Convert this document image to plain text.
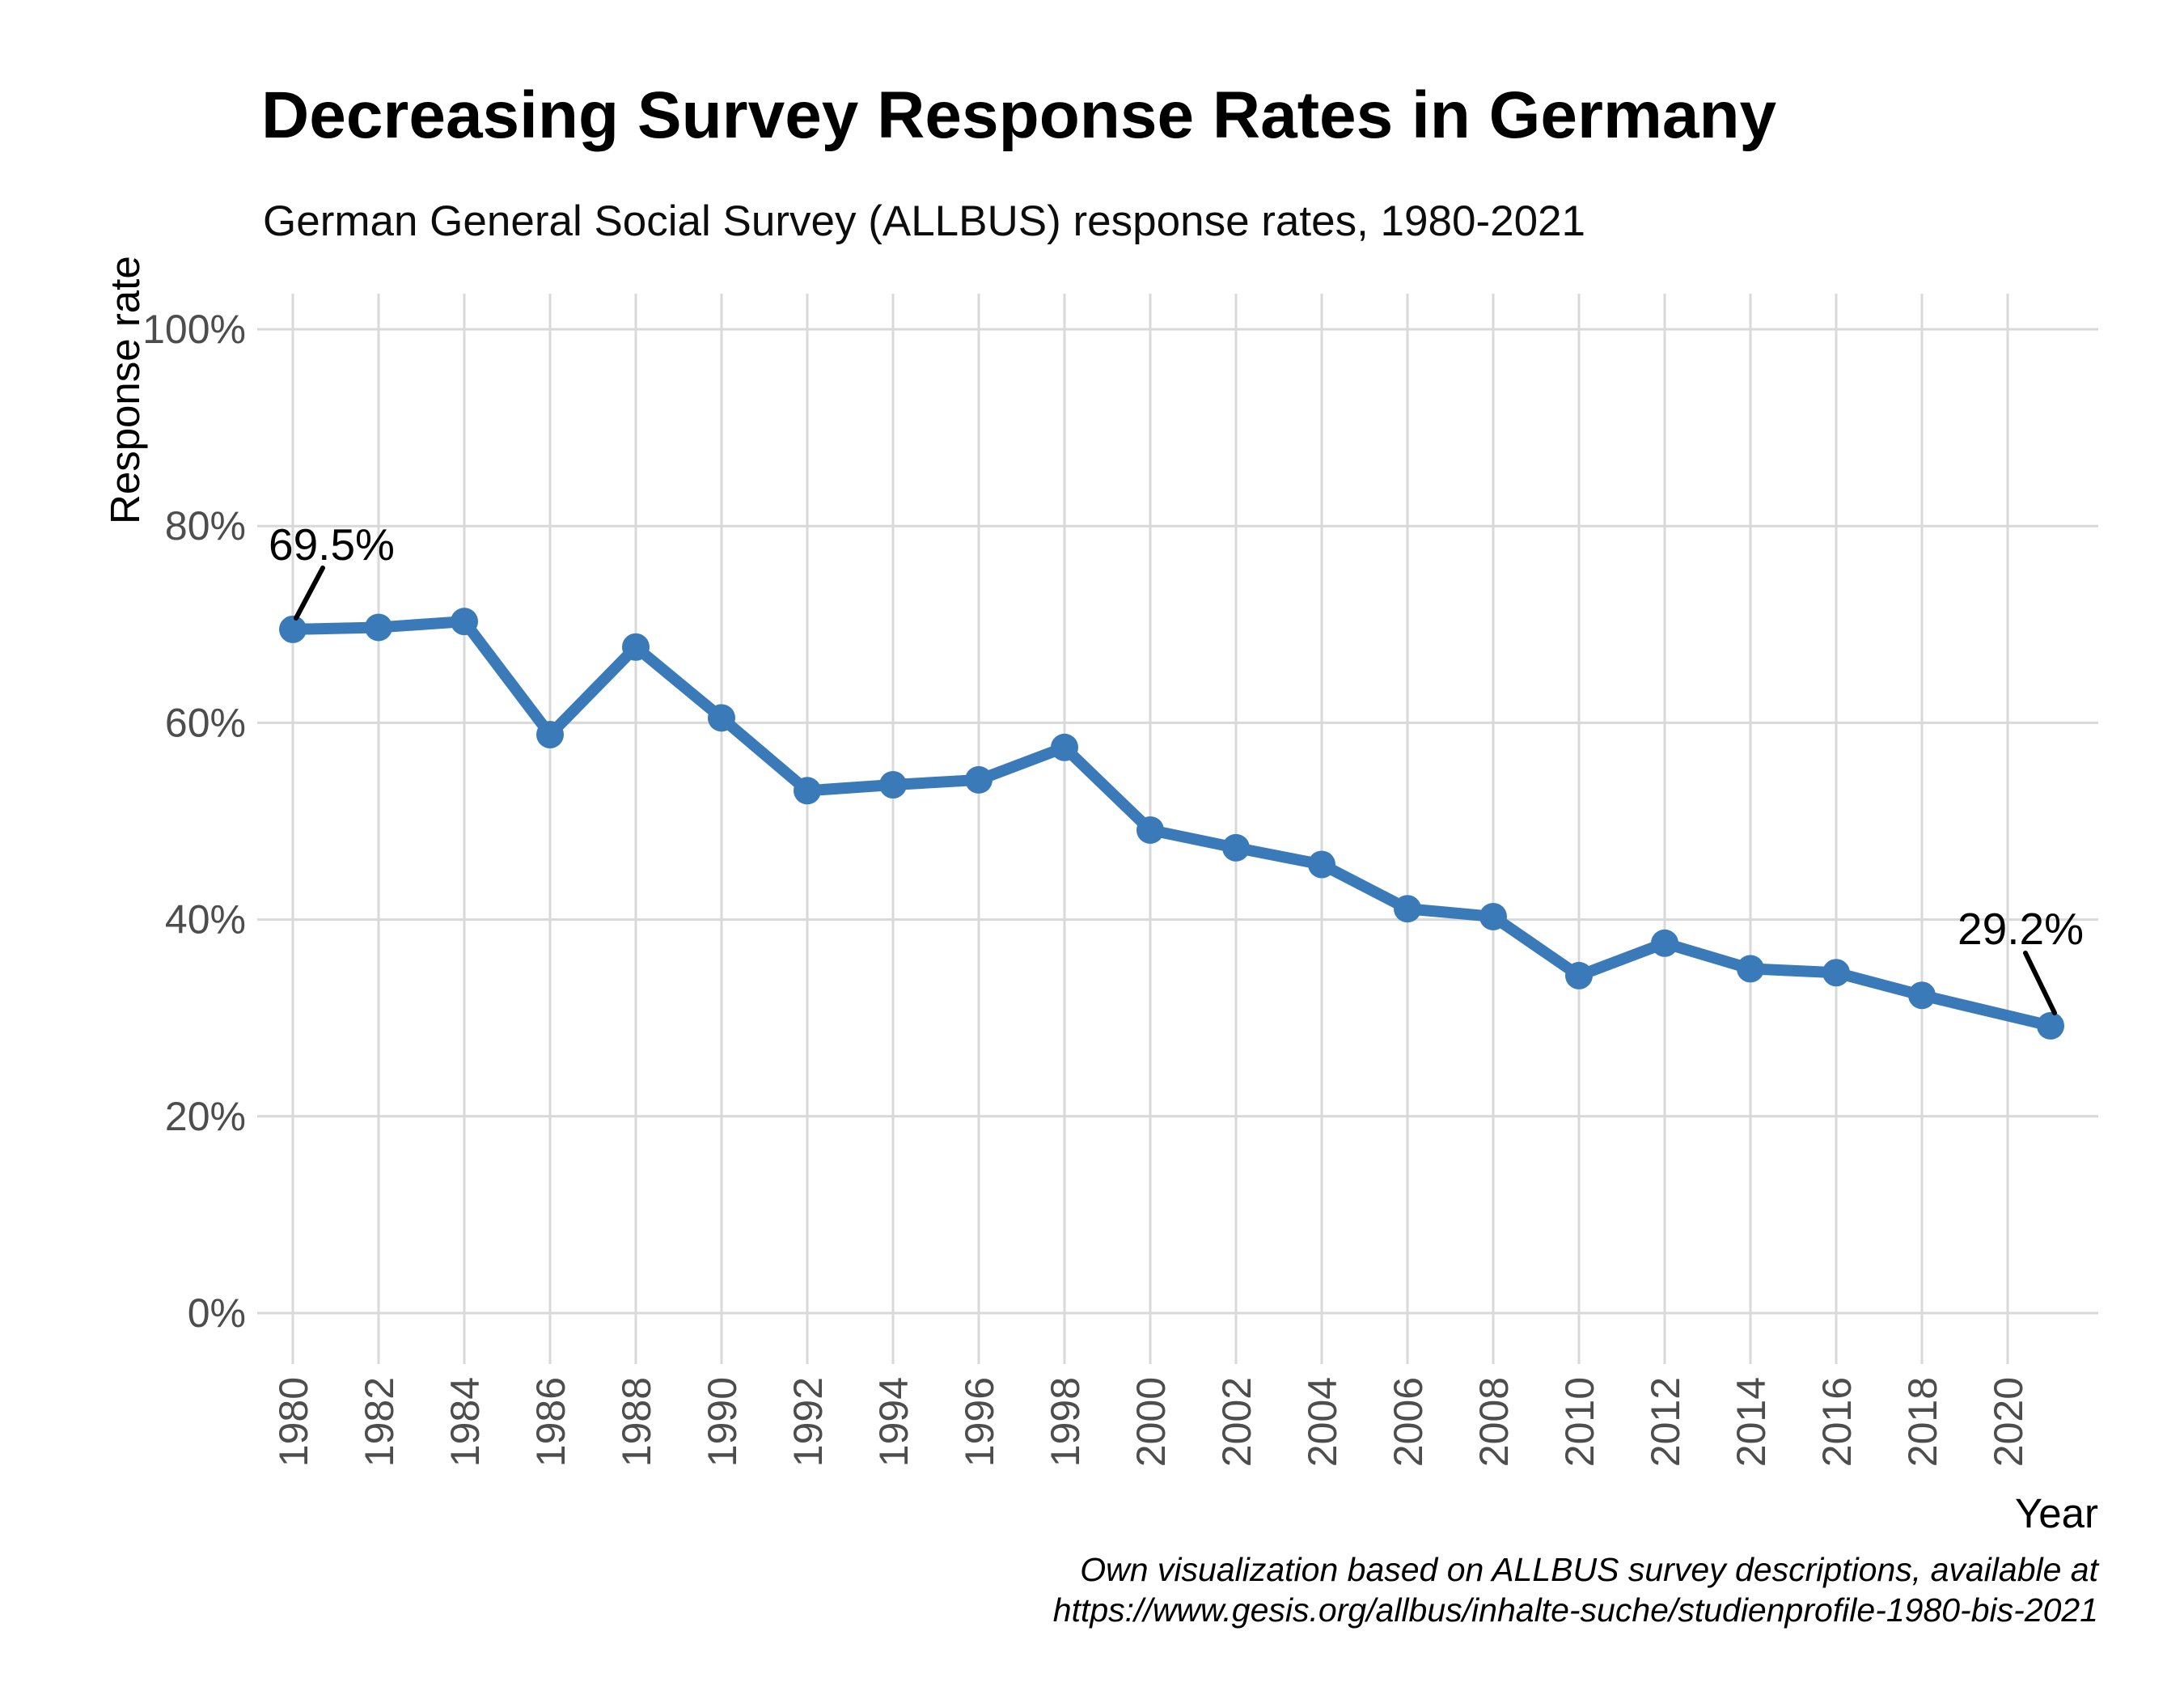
Decreasing Survey Response Rates in Germany
German General Social Survey (ALLBUS) response rates, 1980-2021
0%
20%
40%
60%
80%
100%
1980 1982 1984 1986 1988 1990 1992 1994 1996 1998 2000 2002 2004 2006 2008 2010 2012 2014 2016 2018 2020
Response rate
Year
69.5%
29.2%
Own visualization based on ALLBUS survey descriptions, available at
https://www.gesis.org/allbus/inhalte-suche/studienprofile-1980-bis-2021
